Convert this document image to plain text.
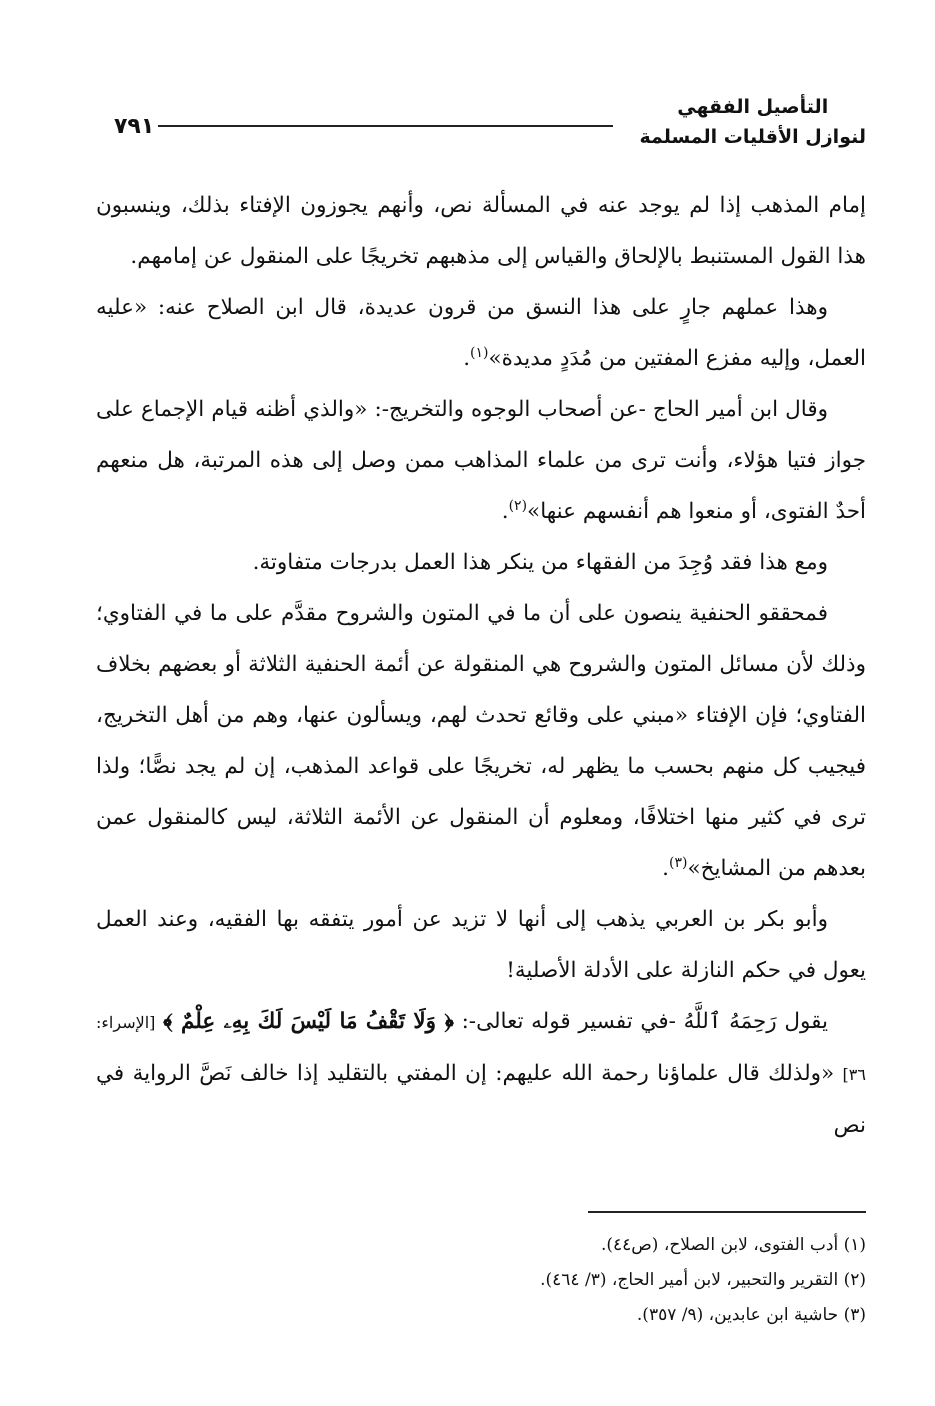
٧٩١
التأصيل الفقهي
لنوازل الأقليات المسلمة

إمام المذهب إذا لم يوجد عنه في المسألة نص، وأنهم يجوزون الإفتاء بذلك، وينسبون هذا القول المستنبط بالإلحاق والقياس إلى مذهبهم تخريجًا على المنقول عن إمامهم.

وهذا عملهم جارٍ على هذا النسق من قرون عديدة، قال ابن الصلاح عنه: «عليه العمل، وإليه مفزع المفتين من مُدَدٍ مديدة»$^{(١)}$.

وقال ابن أمير الحاج -عن أصحاب الوجوه والتخريج-: «والذي أظنه قيام الإجماع على جواز فتيا هؤلاء، وأنت ترى من علماء المذاهب ممن وصل إلى هذه المرتبة، هل منعهم أحدٌ الفتوى، أو منعوا هم أنفسهم عنها»$^{(٢)}$.

ومع هذا فقد وُجِدَ من الفقهاء من ينكر هذا العمل بدرجات متفاوتة.

فمحققو الحنفية ينصون على أن ما في المتون والشروح مقدَّم على ما في الفتاوي؛ وذلك لأن مسائل المتون والشروح هي المنقولة عن أئمة الحنفية الثلاثة أو بعضهم بخلاف الفتاوي؛ فإن الإفتاء «مبني على وقائع تحدث لهم، ويسألون عنها، وهم من أهل التخريج، فيجيب كل منهم بحسب ما يظهر له، تخريجًا على قواعد المذهب، إن لم يجد نصًّا؛ ولذا ترى في كثير منها اختلافًا، ومعلوم أن المنقول عن الأئمة الثلاثة، ليس كالمنقول عمن بعدهم من المشايخ»$^{(٣)}$.

وأبو بكر بن العربي يذهب إلى أنها لا تزيد عن أمور يتفقه بها الفقيه، وعند العمل يعول في حكم النازلة على الأدلة الأصلية!

يقول رَحِمَهُ ٱللَّهُ -في تفسير قوله تعالى-: ﴿ وَلَا تَقْفُ مَا لَيْسَ لَكَ بِهِۦ عِلْمٌ ﴾ [الإسراء: ٣٦] «ولذلك قال علماؤنا رحمة الله عليهم: إن المفتي بالتقليد إذا خالف نَصَّ الرواية في نص

(١) أدب الفتوى، لابن الصلاح، (ص٤٤).

(٢) التقرير والتحبير، لابن أمير الحاج، (٣/ ٤٦٤).

(٣) حاشية ابن عابدين، (٩/ ٣٥٧).
